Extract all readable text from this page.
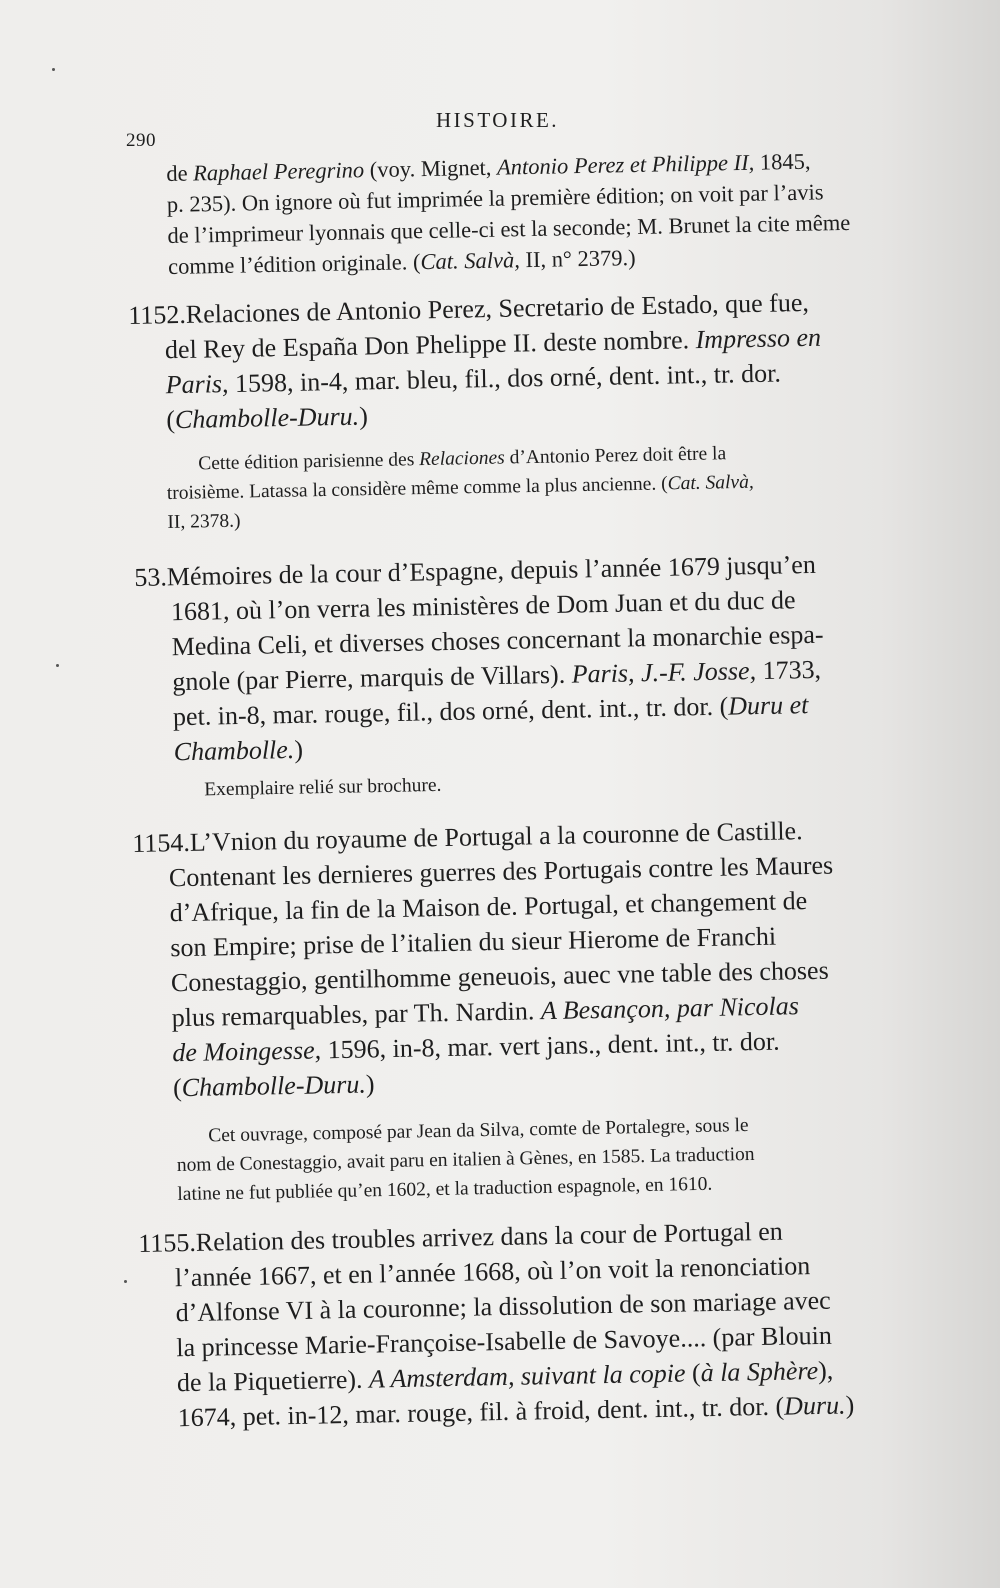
290
HISTOIRE.
de Raphael Peregrino (voy. Mignet, Antonio Perez et Philippe II, 1845,
p. 235). On ignore où fut imprimée la première édition; on voit par l’avis
de l’imprimeur lyonnais que celle-ci est la seconde; M. Brunet la cite même
comme l’édition originale. (Cat. Salvà, II, n° 2379.)
1152.Relaciones de Antonio Perez, Secretario de Estado, que fue,
del Rey de España Don Phelippe II. deste nombre. Impresso en
Paris, 1598, in-4, mar. bleu, fil., dos orné, dent. int., tr. dor.
(Chambolle-Duru.)
Cette édition parisienne des Relaciones d’Antonio Perez doit être la
troisième. Latassa la considère même comme la plus ancienne. (Cat. Salvà,
II, 2378.)
53.Mémoires de la cour d’Espagne, depuis l’année 1679 jusqu’en
1681, où l’on verra les ministères de Dom Juan et du duc de
Medina Celi, et diverses choses concernant la monarchie espa-
gnole (par Pierre, marquis de Villars). Paris, J.-F. Josse, 1733,
pet. in-8, mar. rouge, fil., dos orné, dent. int., tr. dor. (Duru et
Chambolle.)
Exemplaire relié sur brochure.
1154.L’Vnion du royaume de Portugal a la couronne de Castille.
Contenant les dernieres guerres des Portugais contre les Maures
d’Afrique, la fin de la Maison de. Portugal, et changement de
son Empire; prise de l’italien du sieur Hierome de Franchi
Conestaggio, gentilhomme geneuois, auec vne table des choses
plus remarquables, par Th. Nardin. A Besançon, par Nicolas
de Moingesse, 1596, in-8, mar. vert jans., dent. int., tr. dor.
(Chambolle-Duru.)
Cet ouvrage, composé par Jean da Silva, comte de Portalegre, sous le
nom de Conestaggio, avait paru en italien à Gènes, en 1585. La traduction
latine ne fut publiée qu’en 1602, et la traduction espagnole, en 1610.
1155.Relation des troubles arrivez dans la cour de Portugal en
l’année 1667, et en l’année 1668, où l’on voit la renonciation
d’Alfonse VI à la couronne; la dissolution de son mariage avec
la princesse Marie-Françoise-Isabelle de Savoye.... (par Blouin
de la Piquetierre). A Amsterdam, suivant la copie (à la Sphère),
1674, pet. in-12, mar. rouge, fil. à froid, dent. int., tr. dor. (Duru.)
